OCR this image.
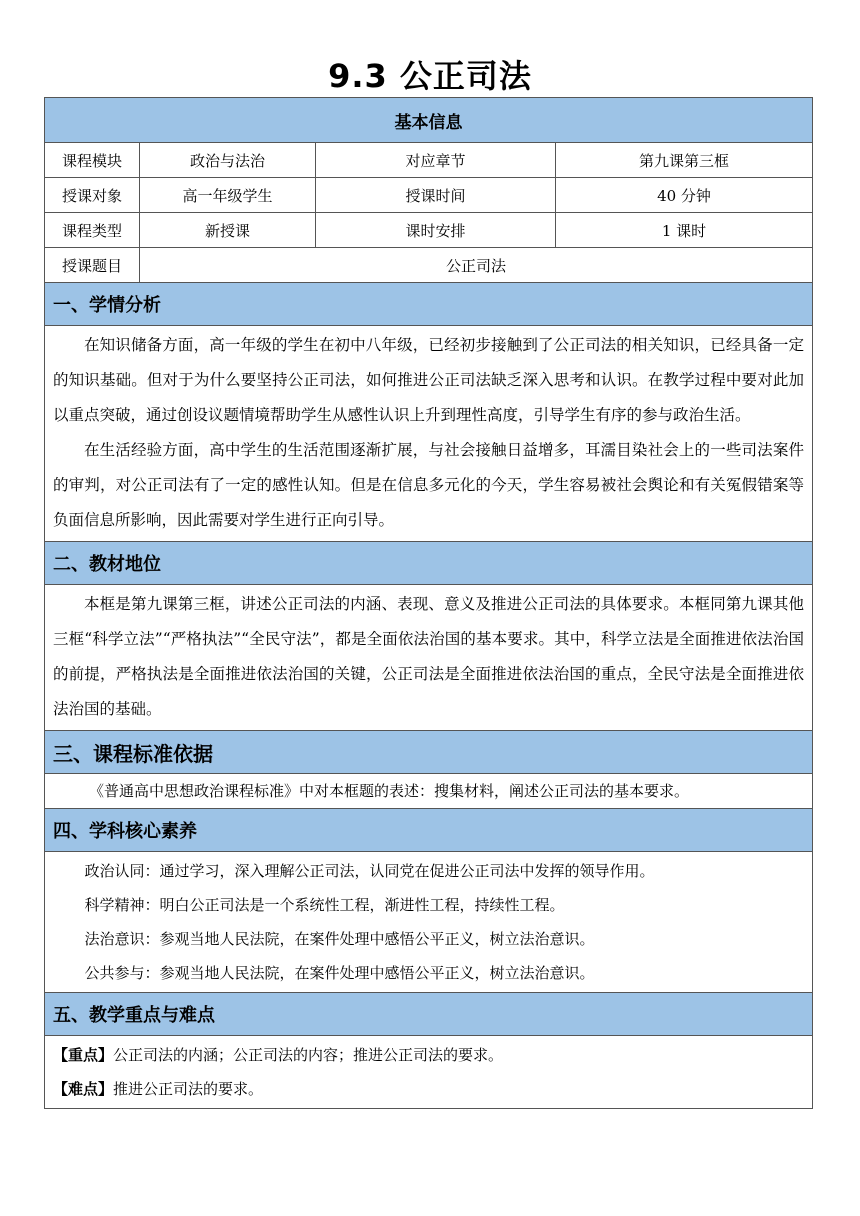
9.3 公正司法
基本信息			
课程模块	政治与法治	对应章节	第九课第三框
授课对象	高一年级学生	授课时间	40 分钟
课程类型	新授课	课时安排	1 课时
授课题目	公正司法		
一、学情分析			

在知识储备方面，高一年级的学生在初中八年级，已经初步接触到了公正司法的相关知识，已经具备一定的知识基础。但对于为什么要坚持公正司法，如何推进公正司法缺乏深入思考和认识。在教学过程中要对此加以重点突破，通过创设议题情境帮助学生从感性认识上升到理性高度，引导学生有序的参与政治生活。

在生活经验方面，高中学生的生活范围逐渐扩展，与社会接触日益增多，耳濡目染社会上的一些司法案件的审判，对公正司法有了一定的感性认知。但是在信息多元化的今天，学生容易被社会舆论和有关冤假错案等负面信息所影响，因此需要对学生进行正向引导。			

二、教材地位			

本框是第九课第三框，讲述公正司法的内涵、表现、意义及推进公正司法的具体要求。本框同第九课其他三框“科学立法”“严格执法”“全民守法”，都是全面依法治国的基本要求。其中，科学立法是全面推进依法治国的前提，严格执法是全面推进依法治国的关键，公正司法是全面推进依法治国的重点，全民守法是全面推进依法治国的基础。			

三、课程标准依据			

《普通高中思想政治课程标准》中对本框题的表述：搜集材料，阐述公正司法的基本要求。			

四、学科核心素养			

政治认同：通过学习，深入理解公正司法，认同党在促进公正司法中发挥的领导作用。

科学精神：明白公正司法是一个系统性工程，渐进性工程，持续性工程。

法治意识：参观当地人民法院，在案件处理中感悟公平正义，树立法治意识。

公共参与：参观当地人民法院，在案件处理中感悟公平正义，树立法治意识。			

五、教学重点与难点			

【重点】公正司法的内涵；公正司法的内容；推进公正司法的要求。

【难点】推进公正司法的要求。			
